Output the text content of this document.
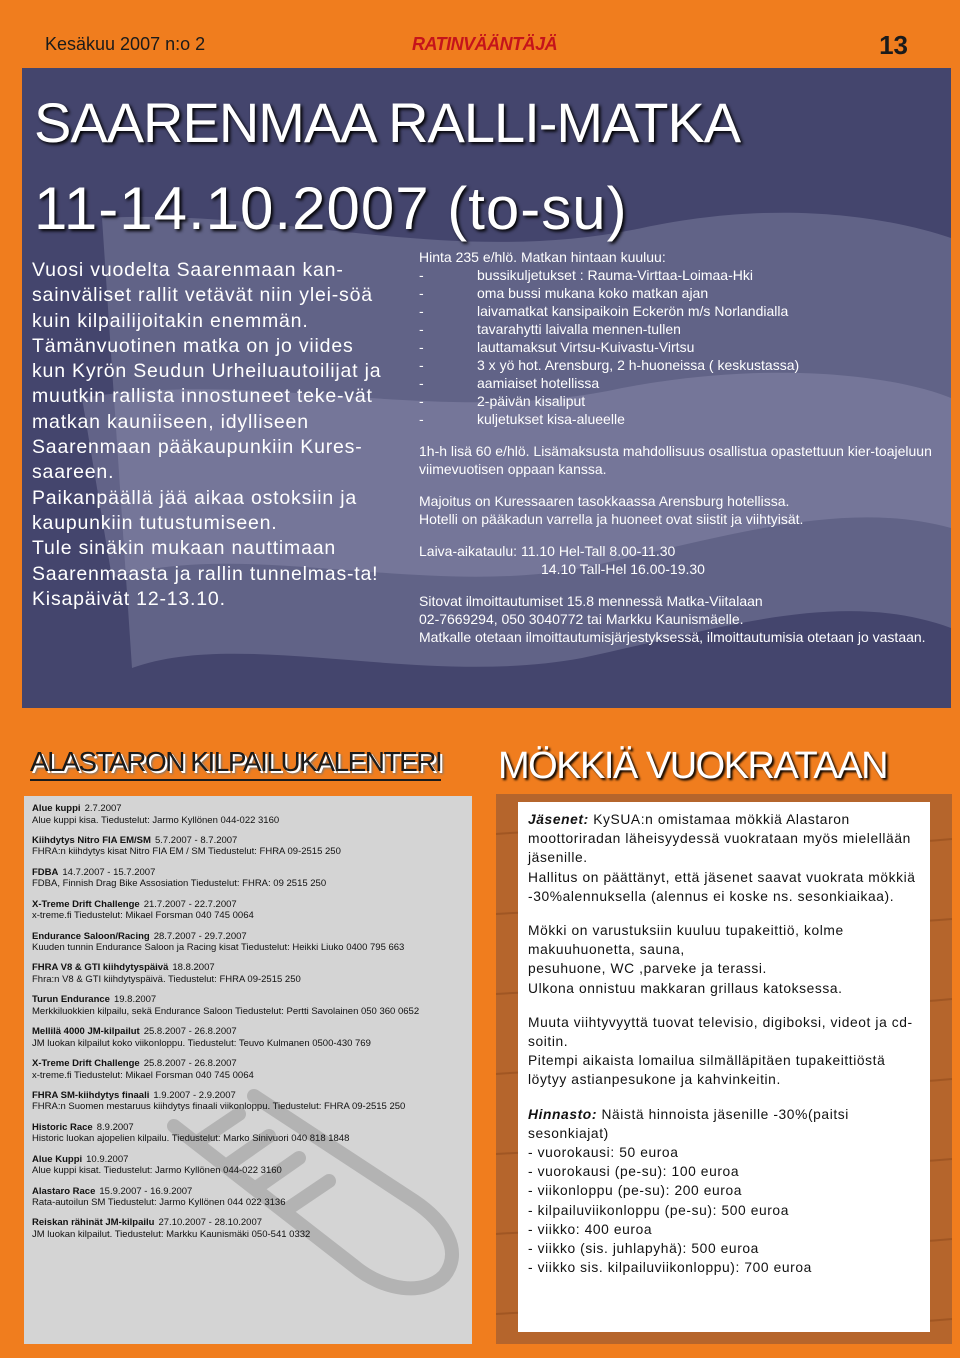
Kesäkuu 2007 n:o 2	RATINVÄÄNTÄJÄ	13
SAARENMAA RALLI-MATKA
11-14.10.2007 (to-su)

Vuosi vuodelta Saarenmaan kan-sainväliset rallit vetävät niin ylei-söä kuin kilpailijoitakin enemmän. Tämänvuotinen matka on jo viides kun Kyrön Seudun Urheiluautoilijat ja muutkin rallista innostuneet teke-vät matkan kauniiseen, idylliseen Saarenmaan pääkaupunkiin Kures-saareen.

Paikanpäällä jää aikaa ostoksiin ja kaupunkiin tutustumiseen.

Tule sinäkin mukaan nauttimaan Saarenmaasta ja rallin tunnelmas-ta!

Kisapäivät 12-13.10.

Hinta 235 e/hlö. Matkan hintaan kuuluu:

- bussikuljetukset : Rauma-Virttaa-Loimaa-Hki
- oma bussi mukana koko matkan ajan
- laivamatkat kansipaikoin Eckerön m/s Norlandialla
- tavarahytti laivalla mennen-tullen
- lauttamaksut Virtsu-Kuivastu-Virtsu
- 3 x yö hot. Arensburg, 2 h-huoneissa ( keskustassa)
- aamiaiset hotellissa
- 2-päivän kisaliput
- kuljetukset kisa-alueelle

1h-h lisä 60 e/hlö. Lisämaksusta mahdollisuus osallistua opastettuun kier-toajeluun viimevuotisen oppaan kanssa.

Majoitus on Kuressaaren tasokkaassa Arensburg hotellissa.

Hotelli on pääkadun varrella ja huoneet ovat siistit ja viihtyisät.

Laiva-aikataulu: 11.10 Hel-Tall 8.00-11.30

14.10 Tall-Hel 16.00-19.30

Sitovat ilmoittautumiset 15.8 mennessä Matka-Viitalaan

02-7669294, 050 3040772 tai Markku Kaunismäelle.

Matkalle otetaan ilmoittautumisjärjestyksessä, ilmoittautumisia otetaan jo vastaan.

ALASTARON KILPAILUKALENTERI
Alue kuppi 2.7.2007
Alue kuppi kisa. Tiedustelut: Jarmo Kyllönen 044-022 3160
Kiihdytys Nitro FIA EM/SM 5.7.2007 - 8.7.2007
FHRA:n kiihdytys kisat Nitro FIA EM / SM Tiedustelut: FHRA 09-2515 250
FDBA 14.7.2007 - 15.7.2007
FDBA, Finnish Drag Bike Assosiation Tiedustelut: FHRA: 09 2515 250
X-Treme Drift Challenge 21.7.2007 - 22.7.2007
x-treme.fi Tiedustelut: Mikael Forsman 040 745 0064
Endurance Saloon/Racing 28.7.2007 - 29.7.2007
Kuuden tunnin Endurance Saloon ja Racing kisat Tiedustelut: Heikki Liuko 0400 795 663
FHRA V8 & GTI kiihdytyspäivä 18.8.2007
Fhra:n V8 & GTI kiihdytyspäivä. Tiedustelut: FHRA 09-2515 250
Turun Endurance 19.8.2007
Merkkiluokkien kilpailu, sekä Endurance Saloon Tiedustelut: Pertti Savolainen 050 360 0652
Mellilä 4000 JM-kilpailut 25.8.2007 - 26.8.2007
JM luokan kilpailut koko viikonloppu. Tiedustelut: Teuvo Kulmanen 0500-430 769
X-Treme Drift Challenge 25.8.2007 - 26.8.2007
x-treme.fi Tiedustelut: Mikael Forsman 040 745 0064
FHRA SM-kiihdytys finaali 1.9.2007 - 2.9.2007
FHRA:n Suomen mestaruus kiihdytys finaali viikonloppu. Tiedustelut: FHRA 09-2515 250
Historic Race 8.9.2007
Historic luokan ajopelien kilpailu. Tiedustelut: Marko Sinivuori 040 818 1848
Alue Kuppi 10.9.2007
Alue kuppi kisat. Tiedustelut: Jarmo Kyllönen 044-022 3160
Alastaro Race 15.9.2007 - 16.9.2007
Rata-autoilun SM Tiedustelut: Jarmo Kyllönen 044 022 3136
Reiskan rähinät JM-kilpailu 27.10.2007 - 28.10.2007
JM luokan kilpailut. Tiedustelut: Markku Kaunismäki 050-541 0332
MÖKKIÄ VUOKRATAAN

Jäsenet: KySUA:n omistamaa mökkiä Alastaron moottoriradan läheisyydessä vuokrataan myös mielellään jäsenille.

Hallitus on päättänyt, että jäsenet saavat vuokrata mökkiä -30%alennuksella (alennus ei koske ns. sesonkiaikaa).

Mökki on varustuksiin kuuluu tupakeittiö, kolme makuuhuonetta, sauna,

pesuhuone, WC ,parveke ja terassi.

Ulkona onnistuu makkaran grillaus katoksessa.

Muuta viihtyvyyttä tuovat televisio, digiboksi, videot ja cd-soitin.

Pitempi aikaista lomailua silmälläpitäen tupakeittiöstä löytyy astianpesukone ja kahvinkeitin.

Hinnasto: Näistä hinnoista jäsenille -30%(paitsi sesonkiajat)

- vuorokausi: 50 euroa

- vuorokausi (pe-su): 100 euroa

- viikonloppu (pe-su): 200 euroa

- kilpailuviikonloppu (pe-su): 500 euroa

- viikko: 400 euroa

- viikko (sis. juhlapyhä): 500 euroa

- viikko sis. kilpailuviikonloppu): 700 euroa
